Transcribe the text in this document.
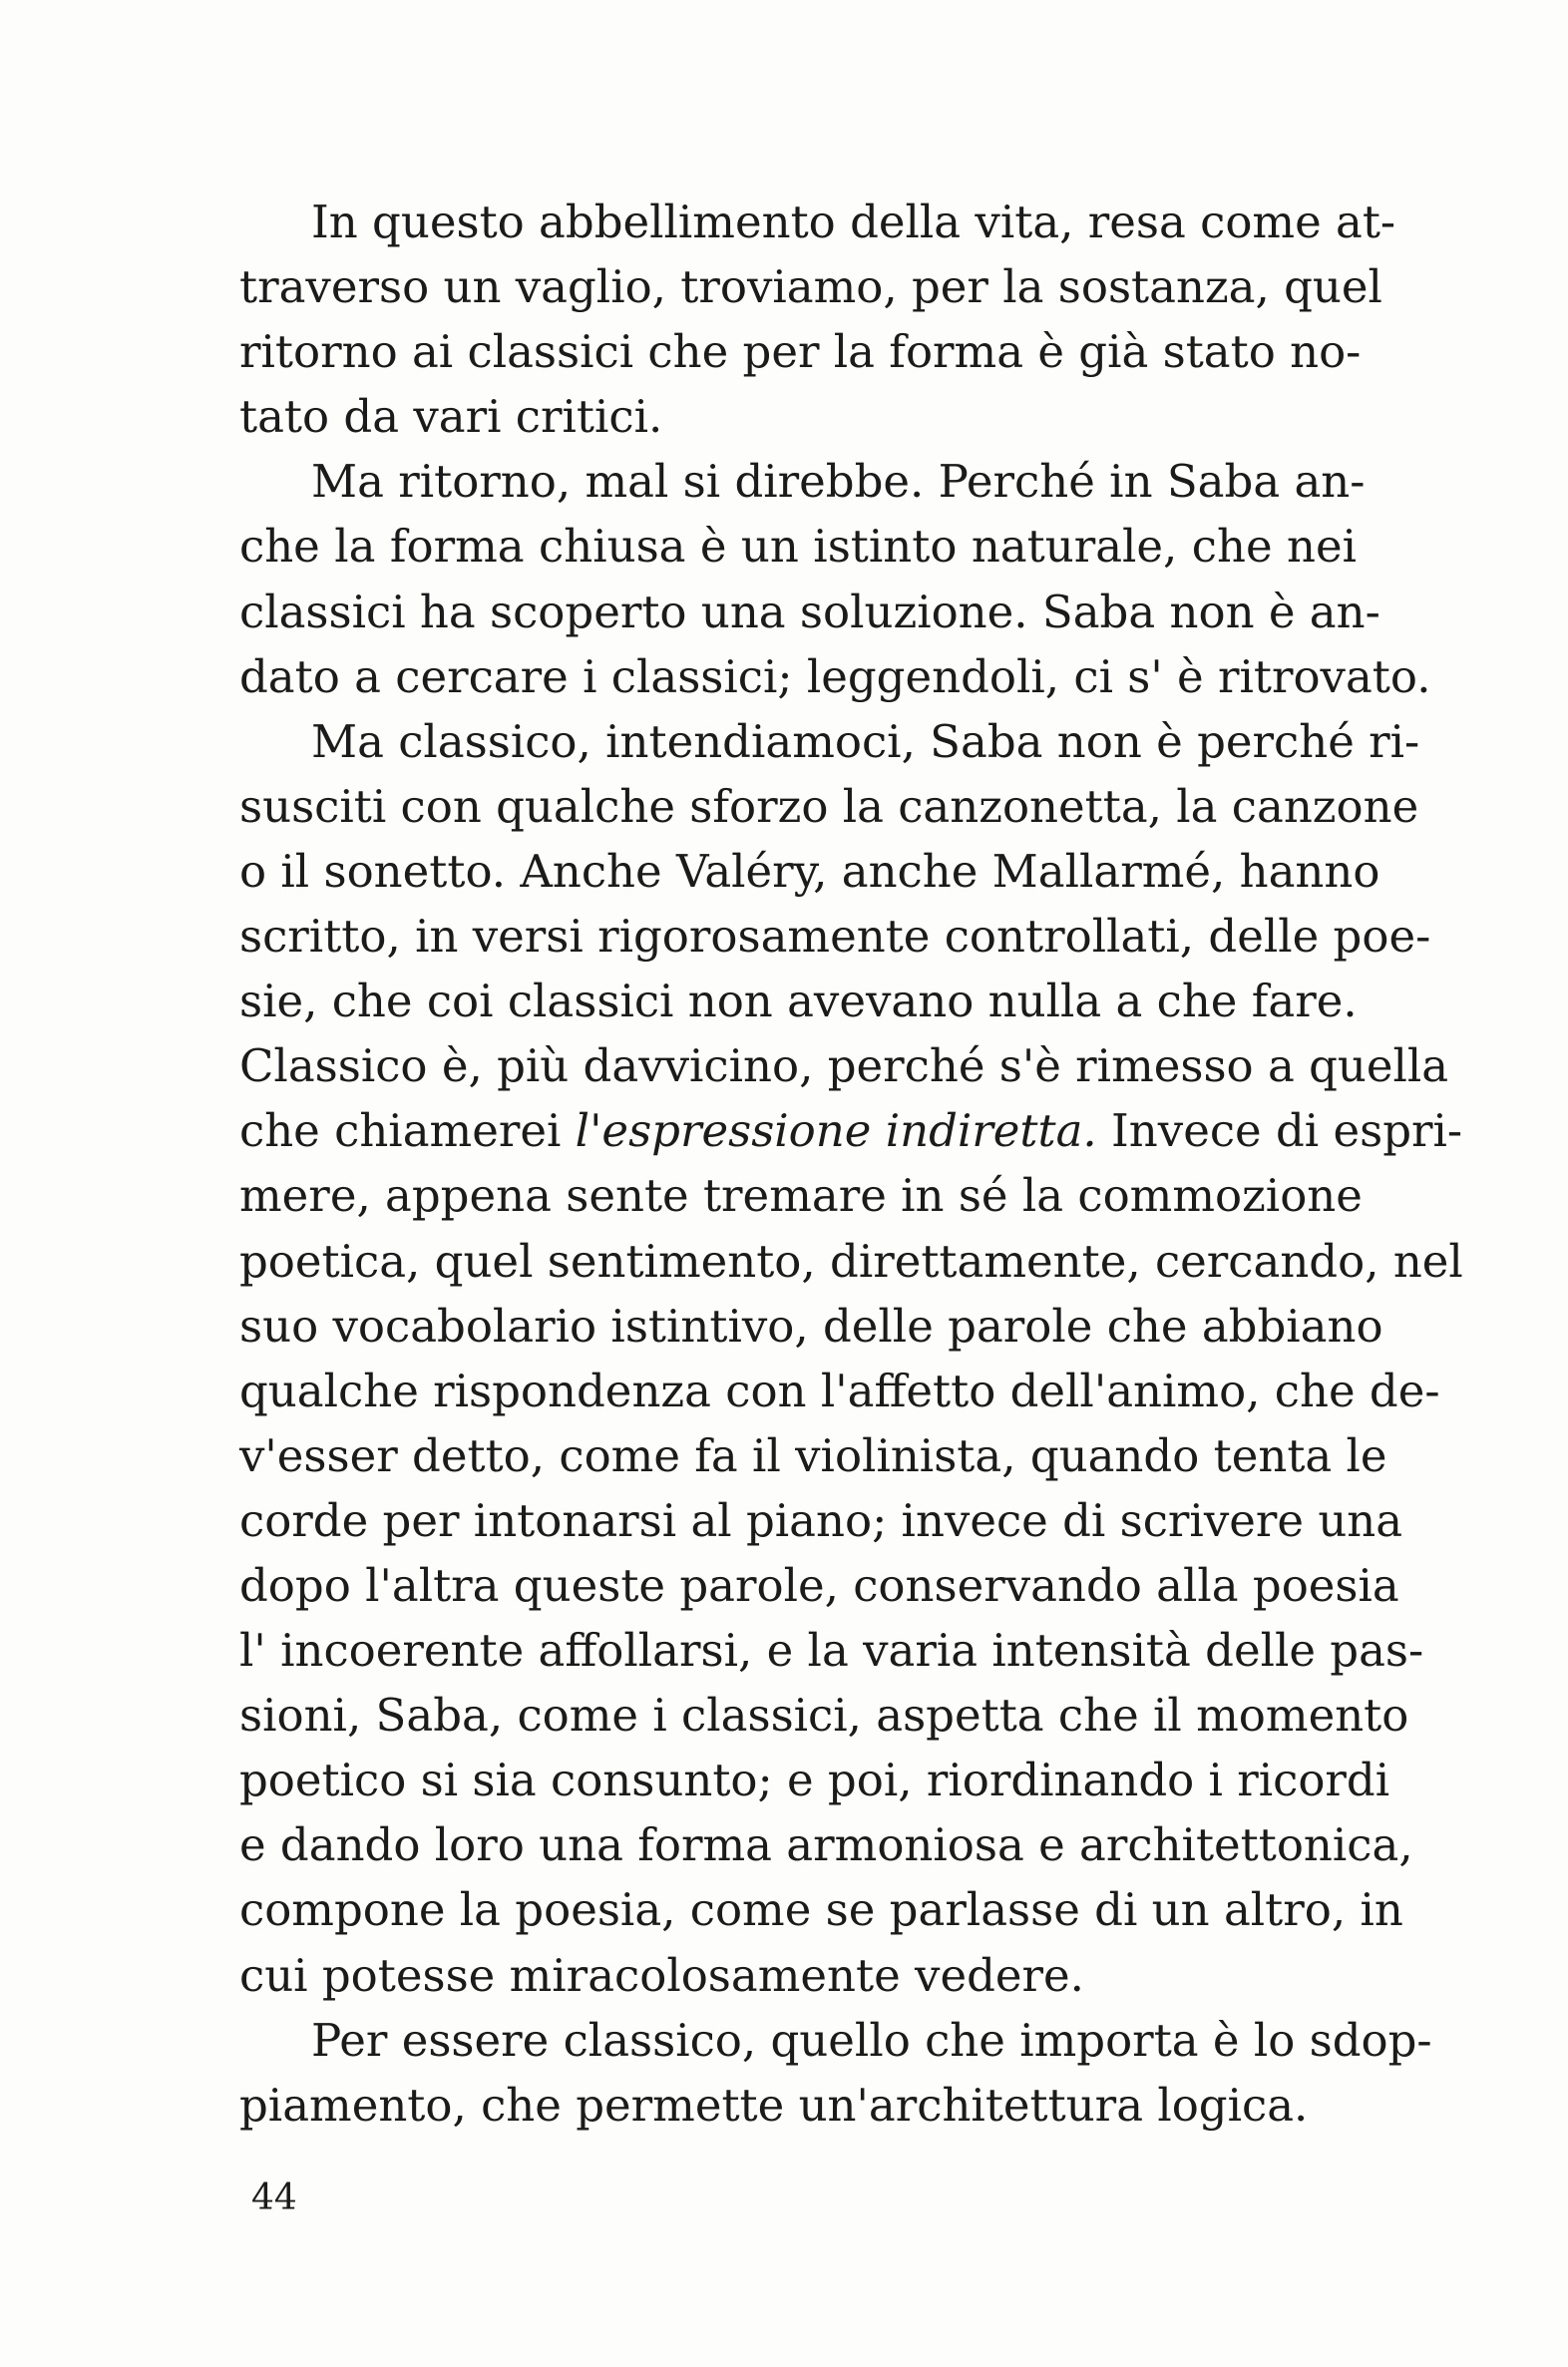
In questo abbellimento della vita, resa come at-
traverso un vaglio, troviamo, per la sostanza, quel
ritorno ai classici che per la forma è già stato no-
tato da vari critici.
Ma ritorno, mal si direbbe. Perché in Saba an-
che la forma chiusa è un istinto naturale, che nei
classici ha scoperto una soluzione. Saba non è an-
dato a cercare i classici; leggendoli, ci s' è ritrovato.
Ma classico, intendiamoci, Saba non è perché ri-
susciti con qualche sforzo la canzonetta, la canzone
o il sonetto. Anche Valéry, anche Mallarmé, hanno
scritto, in versi rigorosamente controllati, delle poe-
sie, che coi classici non avevano nulla a che fare.
Classico è, più davvicino, perché s'è rimesso a quella
che chiamerei l'espressione indiretta. Invece di espri-
mere, appena sente tremare in sé la commozione
poetica, quel sentimento, direttamente, cercando, nel
suo vocabolario istintivo, delle parole che abbiano
qualche rispondenza con l'affetto dell'animo, che de-
v'esser detto, come fa il violinista, quando tenta le
corde per intonarsi al piano; invece di scrivere una
dopo l'altra queste parole, conservando alla poesia
l' incoerente affollarsi, e la varia intensità delle pas-
sioni, Saba, come i classici, aspetta che il momento
poetico si sia consunto; e poi, riordinando i ricordi
e dando loro una forma armoniosa e architettonica,
compone la poesia, come se parlasse di un altro, in
cui potesse miracolosamente vedere.
Per essere classico, quello che importa è lo sdop-
piamento, che permette un'architettura logica.
44
